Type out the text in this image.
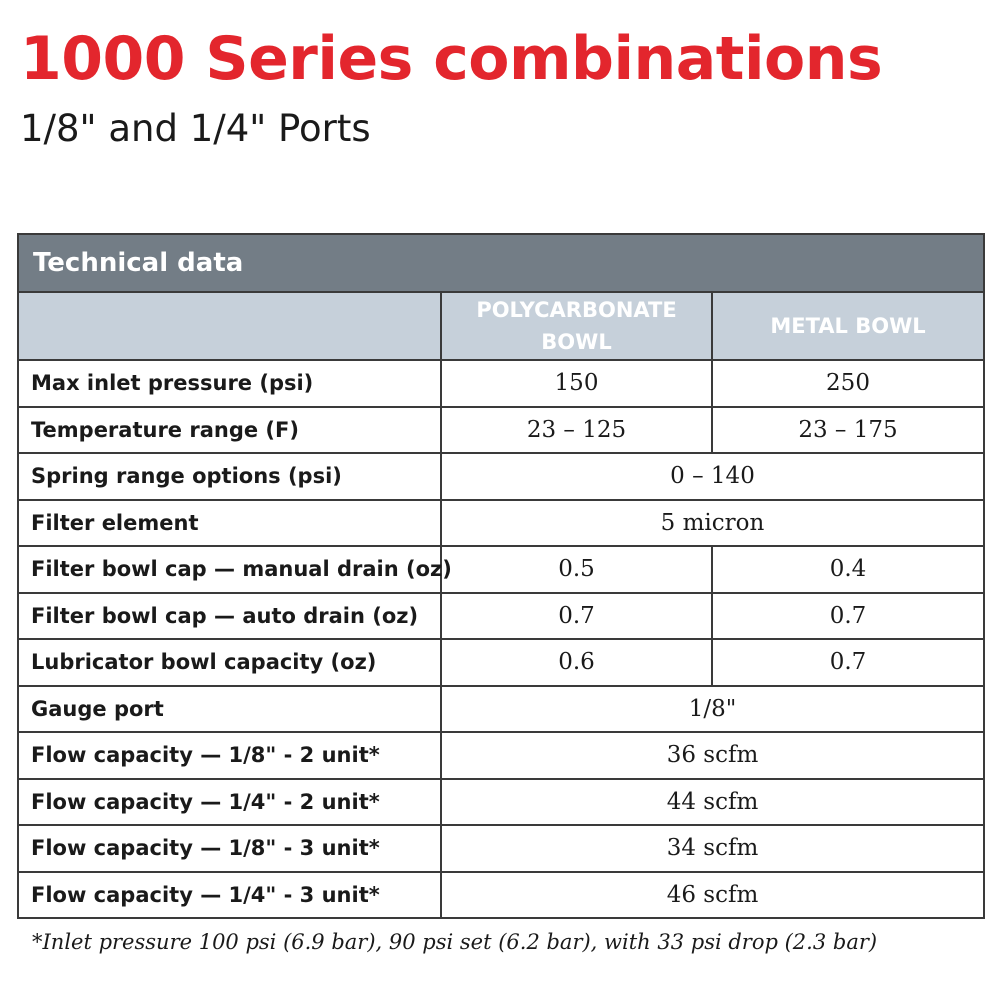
1000 Series combinations
1/8" and 1/4" Ports
Technical data		
	POLYCARBONATE BOWL	METAL BOWL
Max inlet pressure (psi)	150	250
Temperature range (F)	23 – 125	23 – 175
Spring range options (psi)	0 – 140	
Filter element	5 micron	
Filter bowl cap — manual drain (oz)	0.5	0.4
Filter bowl cap — auto drain (oz)	0.7	0.7
Lubricator bowl capacity (oz)	0.6	0.7
Gauge port	1/8"	
Flow capacity — 1/8" - 2 unit*	36 scfm	
Flow capacity — 1/4" - 2 unit*	44 scfm	
Flow capacity — 1/8" - 3 unit*	34 scfm	
Flow capacity — 1/4" - 3 unit*	46 scfm	
*Inlet pressure 100 psi (6.9 bar), 90 psi set (6.2 bar), with 33 psi drop (2.3 bar)
